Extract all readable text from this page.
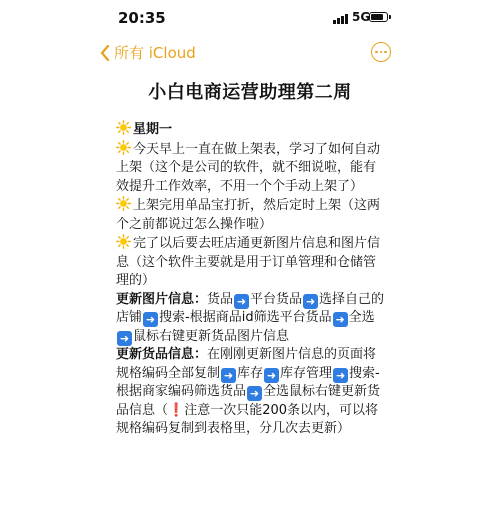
20:35	5G
所有 iCloud
小白电商运营助理第二周

星期一

今天早上一直在做上架表，学习了如何自动上架（这个是公司的软件，就不细说啦，能有效提升工作效率，不用一个个手动上架了）

上架完用单品宝打折，然后定时上架（这两个之前都说过怎么操作啦）

完了以后要去旺店通更新图片信息和图片信息（这个软件主要就是用于订单管理和仓储管理的）

更新图片信息：货品 ➜ 平台货品 ➜ 选择自己的店铺 ➜ 搜索-根据商品id筛选平台货品 ➜ 全选➜ 鼠标右键更新货品图片信息

更新货品信息：在刚刚更新图片信息的页面将规格编码全部复制 ➜ 库存 ➜ 库存管理 ➜ 搜索-根据商家编码筛选货品 ➜ 全选鼠标右键更新货品信息（❗注意一次只能200条以内，可以将规格编码复制到表格里，分几次去更新）
